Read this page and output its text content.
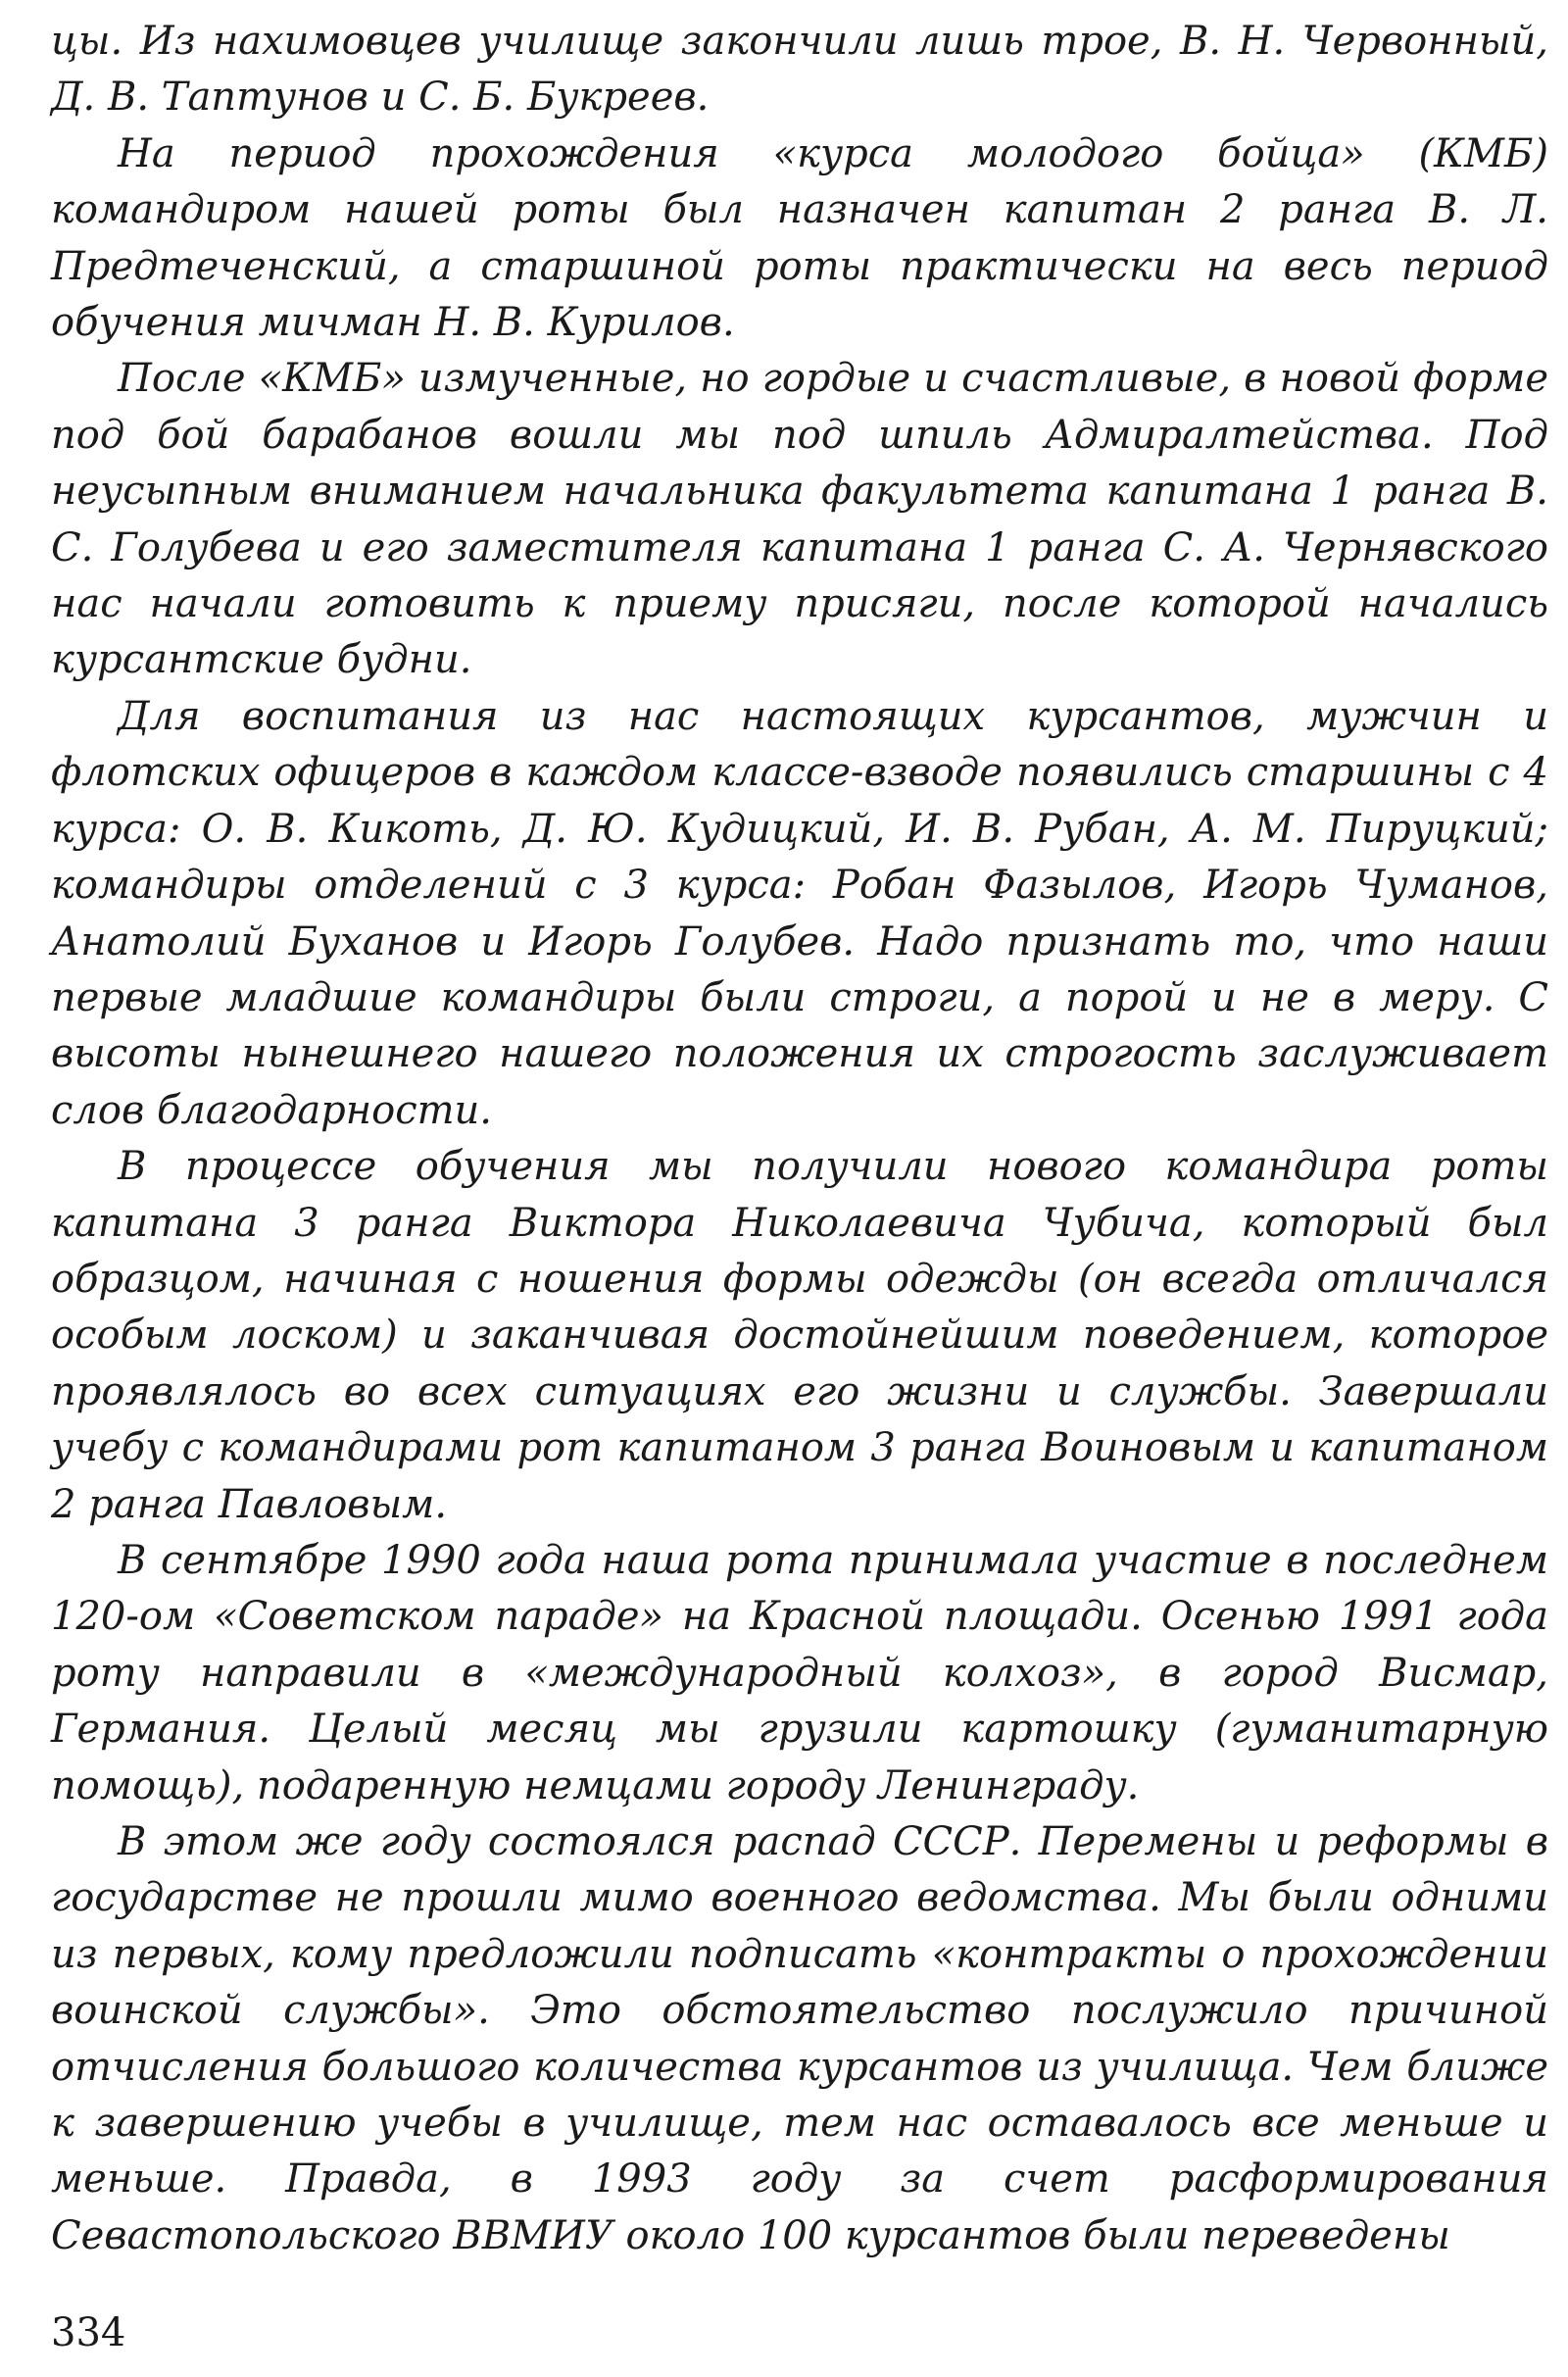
цы. Из нахимовцев училище закончили лишь трое, В. Н. Червонный, Д. В. Таптунов и С. Б. Букреев.

На период прохождения «курса молодого бойца» (КМБ) командиром нашей роты был назначен капитан 2 ранга В. Л. Предтеченский, а старшиной роты практически на весь период обучения мичман Н. В. Курилов.

После «КМБ» измученные, но гордые и счастливые, в новой форме под бой барабанов вошли мы под шпиль Адмиралтейства. Под неусыпным вниманием начальника факультета капитана 1 ранга В. С. Голубева и его заместителя капитана 1 ранга С. А. Чернявского нас начали готовить к приему присяги, после которой начались курсантские будни.

Для воспитания из нас настоящих курсантов, мужчин и флотских офицеров в каждом классе-взводе появились старшины с 4 курса: О. В. Кикоть, Д. Ю. Кудицкий, И. В. Рубан, А. М. Пируцкий; командиры отделений с 3 курса: Робан Фазылов, Игорь Чуманов, Анатолий Буханов и Игорь Голубев. Надо признать то, что наши первые младшие командиры были строги, а порой и не в меру. С высоты нынешнего нашего положения их строгость заслуживает слов благодарности.

В процессе обучения мы получили нового командира роты капитана 3 ранга Виктора Николаевича Чубича, который был образцом, начиная с ношения формы одежды (он всегда отличался особым лоском) и заканчивая достойнейшим поведением, которое проявлялось во всех ситуациях его жизни и службы. Завершали учебу с командирами рот капитаном 3 ранга Воиновым и капитаном 2 ранга Павловым.

В сентябре 1990 года наша рота принимала участие в последнем 120-ом «Советском параде» на Красной площади. Осенью 1991 года роту направили в «международный колхоз», в город Висмар, Германия. Целый месяц мы грузили картошку (гуманитарную помощь), подаренную немцами городу Ленинграду.

В этом же году состоялся распад СССР. Перемены и реформы в государстве не прошли мимо военного ведомства. Мы были одними из первых, кому предложили подписать «контракты о прохождении воинской службы». Это обстоятельство послужило причиной отчисления большого количества курсантов из училища. Чем ближе к завершению учебы в училище, тем нас оставалось все меньше и меньше. Правда, в 1993 году за счет расформирования Севастопольского ВВМИУ около 100 курсантов были переведены

334
